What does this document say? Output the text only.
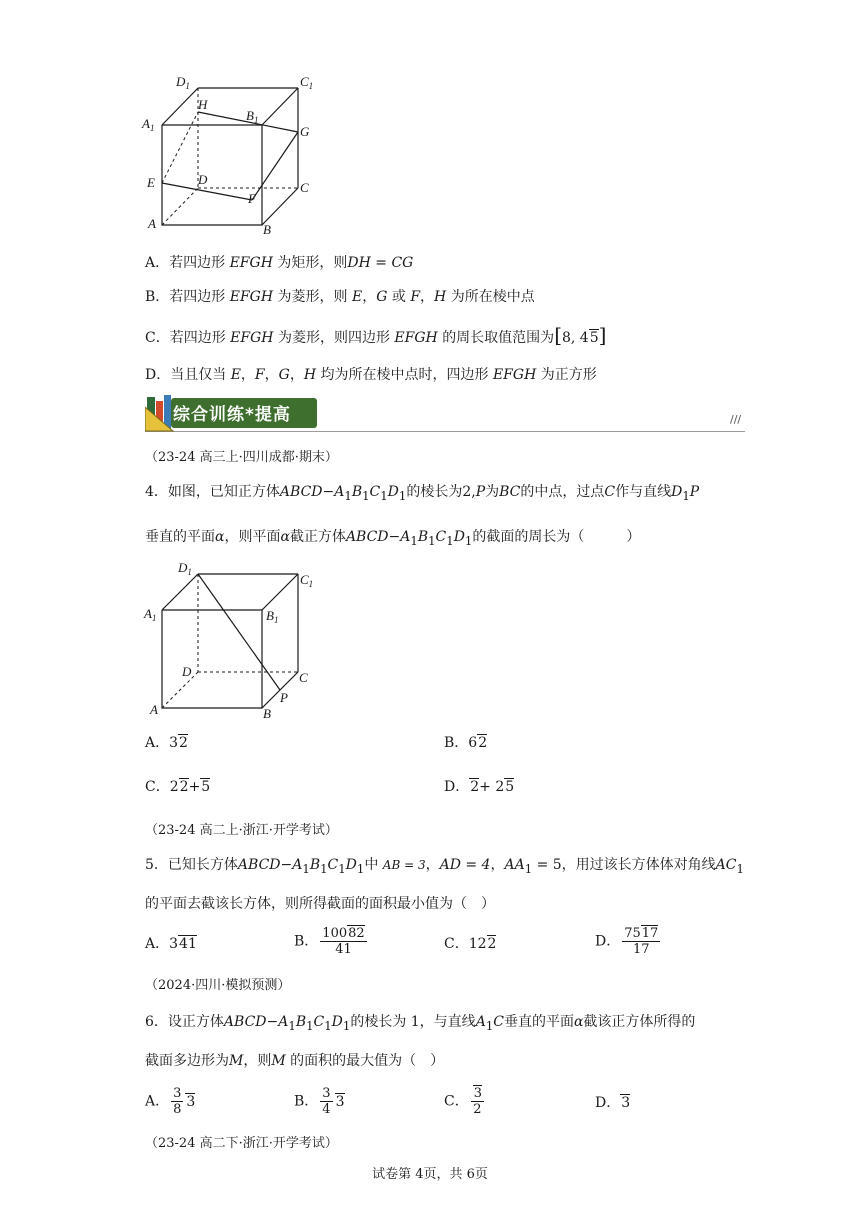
$D_1$	$C_1$
$A_1$
H
$B_1$
G
E	D
C
F
A	B
A．若四边形 EFGH 为矩形，则DH = CG
B．若四边形 EFGH 为菱形，则 E，G 或 F，H 为所在棱中点
C．若四边形 EFGH 为菱形，则四边形 EFGH 的周长取值范围为[8, 45]
D．当且仅当 E，F，G，H 均为所在棱中点时，四边形 EFGH 为正方形
///
综合训练*提高
（23-24 高三上·四川成都·期末）
4．如图，已知正方体$ABCD-A_1B_1C_1D_1$的棱长为2,P为BC的中点，过点C作与直线$D_1P$
垂直的平面α，则平面α截正方体$ABCD-A_1B_1C_1D_1$的截面的周长为（　　　）
$D_1$	$C_1$
$A_1$	$B_1$
D	C
P
A	B
A．32	B．62
C．22+5	D．2+ 25
（23-24 高二上·浙江·开学考试）
5．已知长方体$ABCD-A_1B_1C_1D_1$中 AB = 3，AD = 4，$AA_1 = 5$，用过该长方体体对角线$AC_1$
的平面去截该长方体，则所得截面的面积最小值为（　）
A．341	B． $\frac{10082}{41}$	C．122	D． $\frac{7517}{17}$
（2024·四川·模拟预测）
6．设正方体$ABCD-A_1B_1C_1D_1$的棱长为 1，与直线$A_1C$垂直的平面α截该正方体所得的
截面多边形为M，则M 的面积的最大值为（　）
A． $\frac{3}{8} 3$	B． $\frac{3}{4} 3$	C． $\frac{3}{2}$	D．3
（23-24 高二下·浙江·开学考试）
试卷第 4页，共 6页
